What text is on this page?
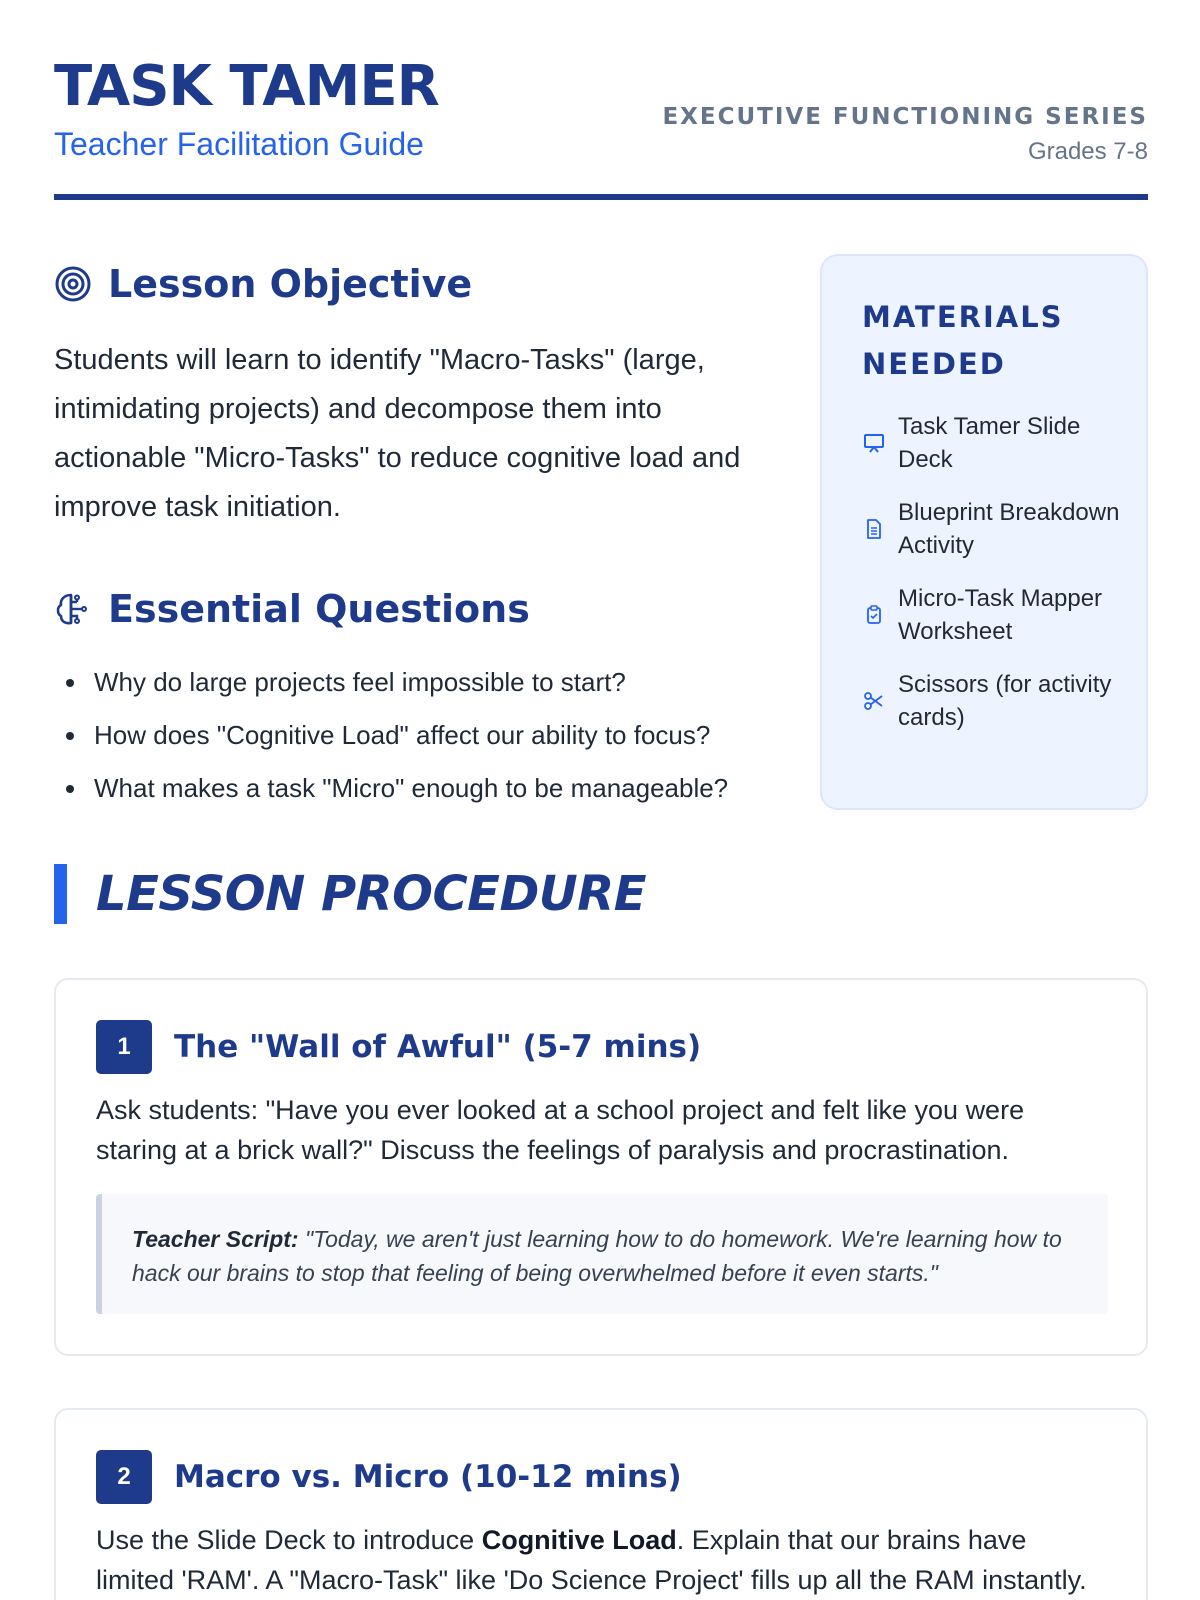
TASK TAMER
Teacher Facilitation Guide
EXECUTIVE FUNCTIONING SERIES
Grades 7-8
Lesson Objective

Students will learn to identify "Macro-Tasks" (large, intimidating projects) and decompose them into actionable "Micro-Tasks" to reduce cognitive load and improve task initiation.

Essential Questions
Why do large projects feel impossible to start?
How does "Cognitive Load" affect our ability to focus?
What makes a task "Micro" enough to be manageable?
MATERIALS NEEDED
Task Tamer Slide Deck
Blueprint Breakdown Activity
Micro-Task Mapper Worksheet
Scissors (for activity cards)
LESSON PROCEDURE
1	The "Wall of Awful" (5-7 mins)

Ask students: "Have you ever looked at a school project and felt like you were staring at a brick wall?" Discuss the feelings of paralysis and procrastination.

Teacher Script: "Today, we aren't just learning how to do homework. We're learning how to hack our brains to stop that feeling of being overwhelmed before it even starts."

2	Macro vs. Micro (10-12 mins)

Use the Slide Deck to introduce Cognitive Load. Explain that our brains have limited 'RAM'. A "Macro-Task" like 'Do Science Project' fills up all the RAM instantly.
